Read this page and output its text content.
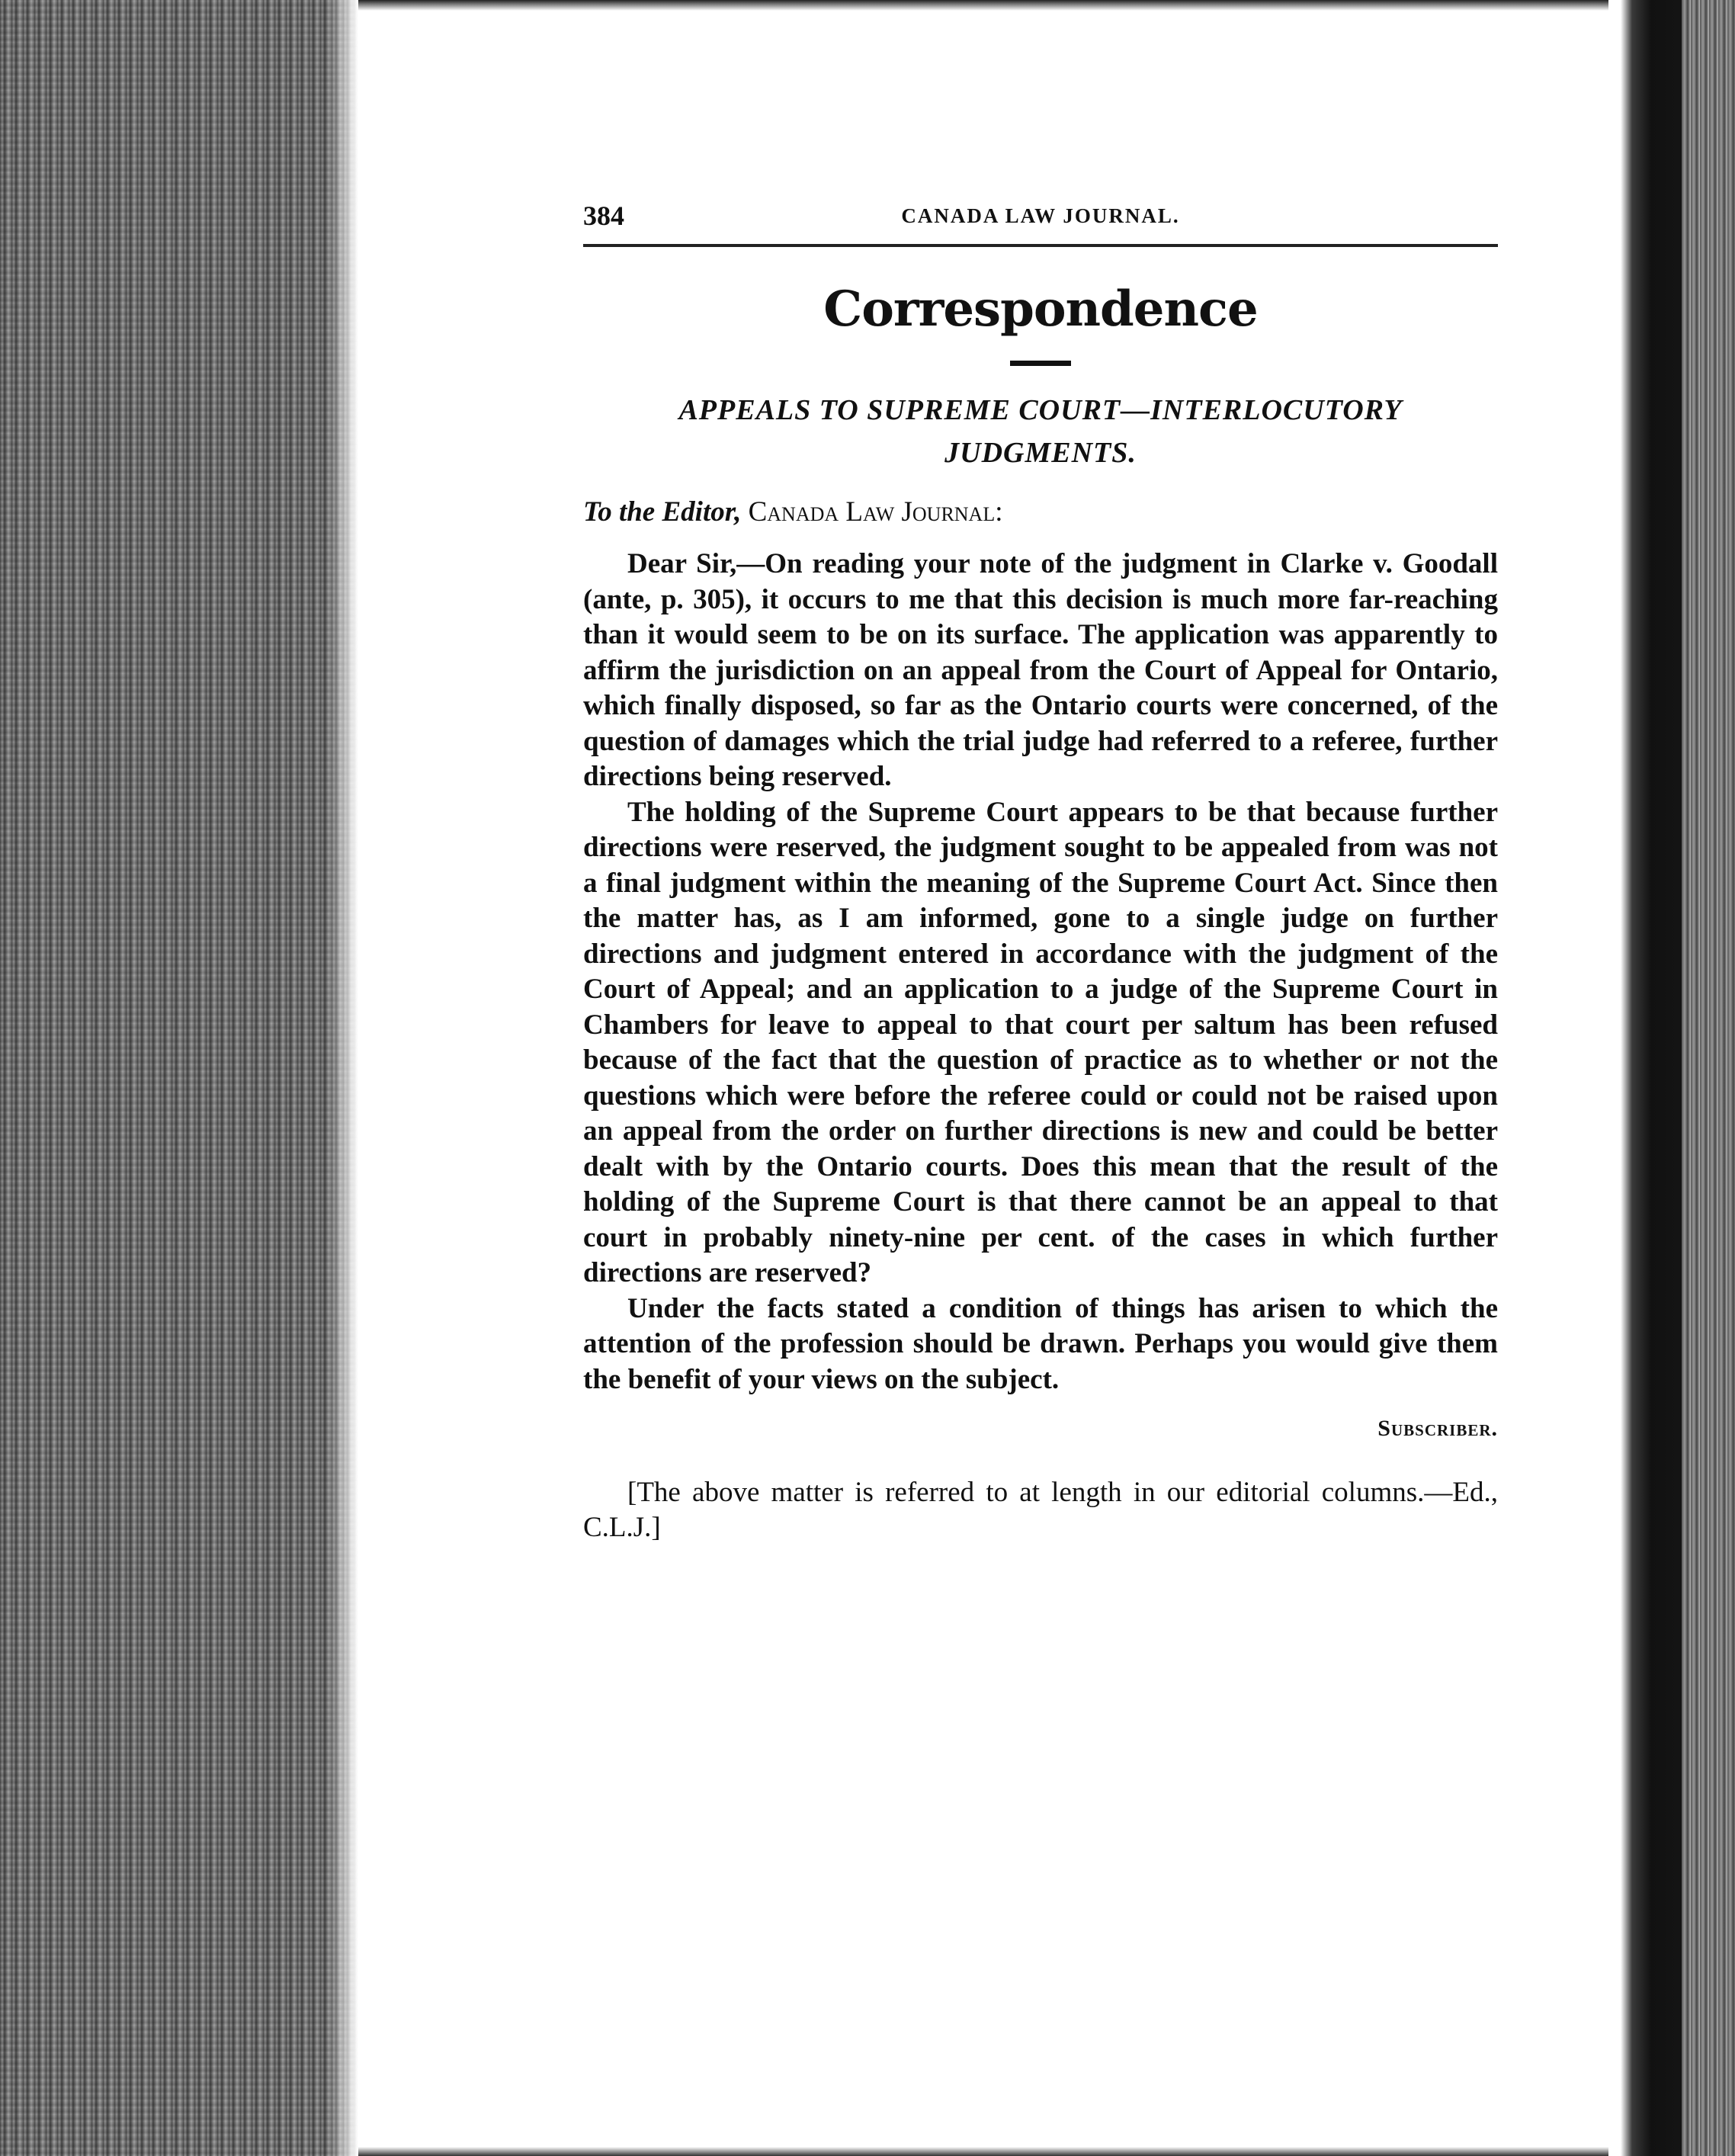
384	CANADA LAW JOURNAL.
Correspondence
APPEALS TO SUPREME COURT—INTERLOCUTORY
JUDGMENTS.
To the Editor, Canada Law Journal:

Dear Sir,—On reading your note of the judgment in Clarke v. Goodall (ante, p. 305), it occurs to me that this decision is much more far-reaching than it would seem to be on its surface. The application was apparently to affirm the jurisdiction on an appeal from the Court of Appeal for Ontario, which finally disposed, so far as the Ontario courts were concerned, of the question of damages which the trial judge had referred to a referee, further directions being reserved.

The holding of the Supreme Court appears to be that because further directions were reserved, the judgment sought to be appealed from was not a final judgment within the meaning of the Supreme Court Act. Since then the matter has, as I am informed, gone to a single judge on further directions and judgment entered in accordance with the judgment of the Court of Appeal; and an application to a judge of the Supreme Court in Chambers for leave to appeal to that court per saltum has been refused because of the fact that the question of practice as to whether or not the questions which were before the referee could or could not be raised upon an appeal from the order on further directions is new and could be better dealt with by the Ontario courts. Does this mean that the result of the holding of the Supreme Court is that there cannot be an appeal to that court in probably ninety-nine per cent. of the cases in which further directions are reserved?

Under the facts stated a condition of things has arisen to which the attention of the profession should be drawn. Perhaps you would give them the benefit of your views on the subject.

Subscriber.
[The above matter is referred to at length in our editorial columns.—Ed., C.L.J.]
